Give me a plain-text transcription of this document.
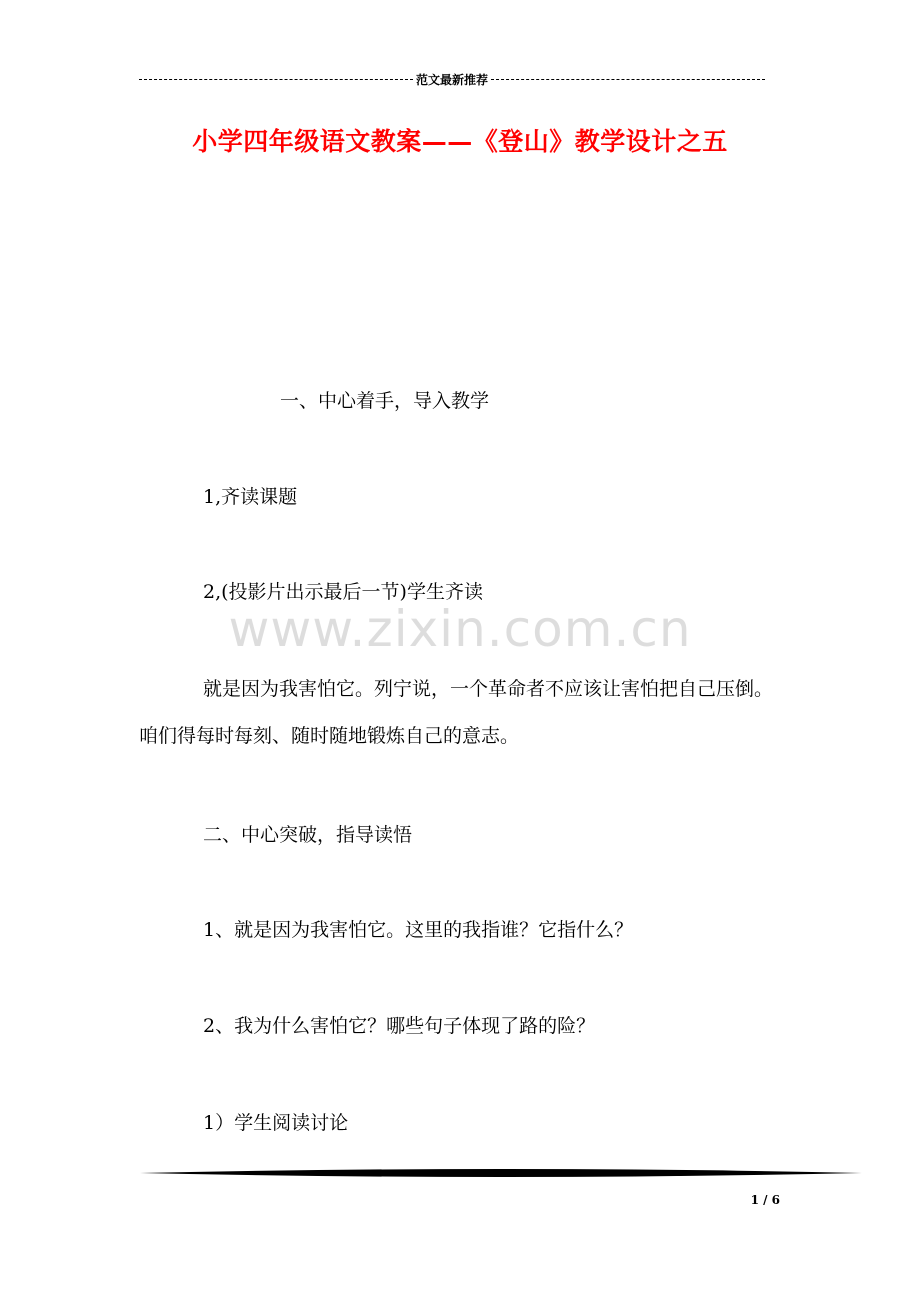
范文最新推荐
小学四年级语文教案——《登山》教学设计之五
一、中心着手，导入教学
1,齐读课题
2,(投影片出示最后一节)学生齐读
www.zixin.com.cn
就是因为我害怕它。列宁说，一个革命者不应该让害怕把自己压倒。咱们得每时每刻、随时随地锻炼自己的意志。
二、中心突破，指导读悟
1、就是因为我害怕它。这里的我指谁？它指什么？
2、我为什么害怕它？哪些句子体现了路的险？
1）学生阅读讨论
1 / 6
